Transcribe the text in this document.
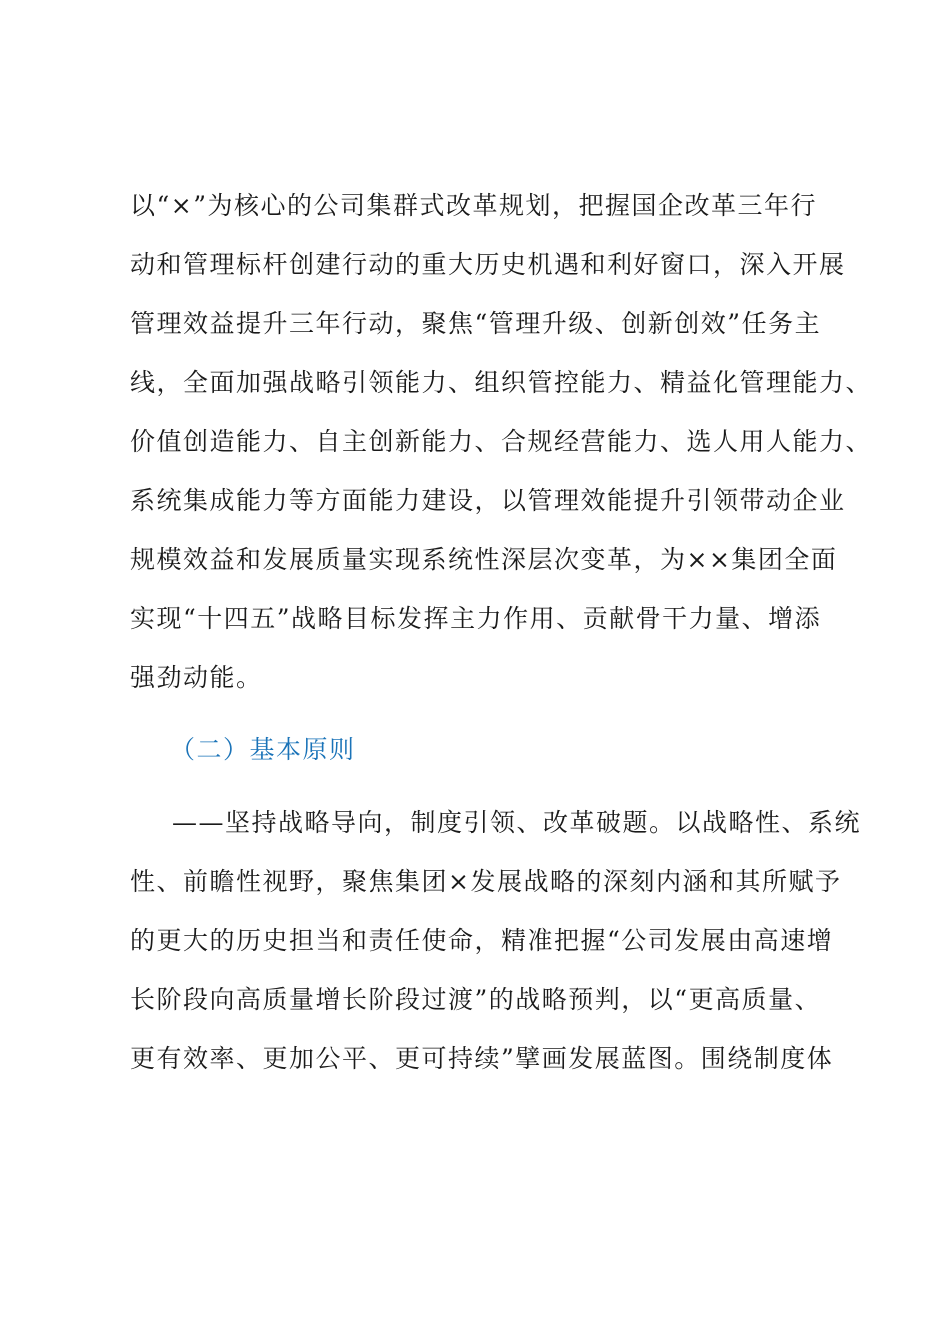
以“×”为核心的公司集群式改革规划，把握国企改革三年行
动和管理标杆创建行动的重大历史机遇和利好窗口，深入开展
管理效益提升三年行动，聚焦“管理升级、创新创效”任务主
线，全面加强战略引领能力、组织管控能力、精益化管理能力、
价值创造能力、自主创新能力、合规经营能力、选人用人能力、
系统集成能力等方面能力建设，以管理效能提升引领带动企业
规模效益和发展质量实现系统性深层次变革，为××集团全面
实现“十四五”战略目标发挥主力作用、贡献骨干力量、增添
强劲动能。
（二）基本原则
——坚持战略导向，制度引领、改革破题。以战略性、系统
性、前瞻性视野，聚焦集团×发展战略的深刻内涵和其所赋予
的更大的历史担当和责任使命，精准把握“公司发展由高速增
长阶段向高质量增长阶段过渡”的战略预判，以“更高质量、
更有效率、更加公平、更可持续”擘画发展蓝图。围绕制度体
